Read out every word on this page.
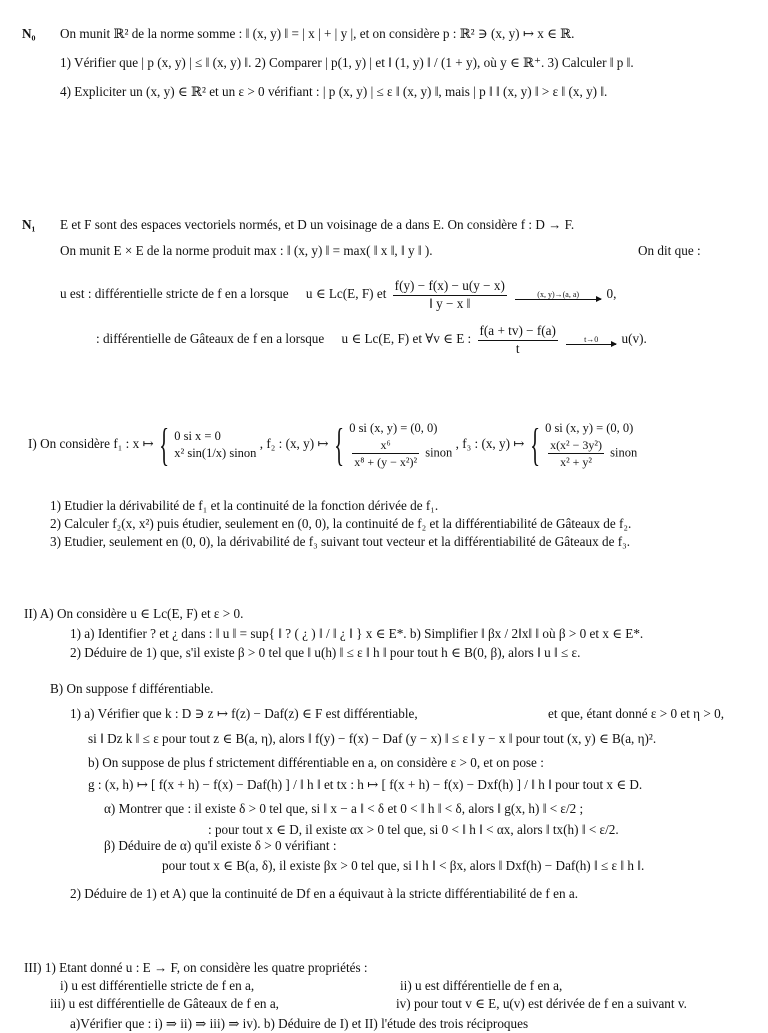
N₀ On munit ℝ² de la norme somme : ‖ (x, y) ‖ = | x | + | y |, et on considère p : ℝ² ∋ (x, y) ↦ x ∈ ℝ.
1) Vérifier que | p (x, y) | ≤ ‖ (x, y) ‖. 2) Comparer | p(1, y) | et ‖ (1, y) ‖ / (1 + y), où y ∈ ℝ⁺. 3) Calculer ‖ p ‖.
4) Expliciter un (x, y) ∈ ℝ² et un ε > 0 vérifiant : | p (x, y) | ≤ ε ‖ (x, y) ‖, mais | p ‖ ‖ (x, y) ‖ > ε ‖ (x, y) ‖.
N₁ E et F sont des espaces vectoriels normés, et D un voisinage de a dans E. On considère f : D → F.
On munit E × E de la norme produit max : ‖ (x, y) ‖ = max( ‖ x ‖, ‖ y ‖ ).	On dit que :
u est : différentielle stricte de f en a lorsque u ∈ Lc(E, F) et $\frac{f(y) - f(x) - u(y - x)}{‖ y - x ‖}$
	(x, y)→(a, a)	0,
: différentielle de Gâteaux de f en a lorsque u ∈ Lc(E, F) et ∀v ∈ E : $\frac{f(a + tv) - f(a)}{t}$
	t→0	u(v).
I) On considère f₁ : x ↦ { 0 si x = 0
x² sin(1/x) sinon
, f₂ : (x, y) ↦ { 0 si (x, y) = (0, 0)
$\frac{\text{x⁶}}{\text{x⁸ + (y − x²)²}}$ sinon
, f₃ : (x, y) ↦ { 0 si (x, y) = (0, 0)
$\frac{\text{x(x² − 3y²)}}{\text{x² + y²}}$ sinon
1) Etudier la dérivabilité de f₁ et la continuité de la fonction dérivée de f₁.
2) Calculer f₂(x, x²) puis étudier, seulement en (0, 0), la continuité de f₂ et la différentiabilité de Gâteaux de f₂.
3) Etudier, seulement en (0, 0), la dérivabilité de f₃ suivant tout vecteur et la différentiabilité de Gâteaux de f₃.
II) A) On considère u ∈ Lc(E, F) et ε > 0.
1) a) Identifier ? et ¿ dans : ‖ u ‖ = sup{ ‖ ? ( ¿ ) ‖ / ‖ ¿ ‖ } x ∈ E*. b) Simplifier ‖ βx / 2‖x‖ ‖ où β > 0 et x ∈ E*.
2) Déduire de 1) que, s'il existe β > 0 tel que ‖ u(h) ‖ ≤ ε ‖ h ‖ pour tout h ∈ B(0, β), alors ‖ u ‖ ≤ ε.
B) On suppose f différentiable.
1) a) Vérifier que k : D ∋ z ↦ f(z) − Daf(z) ∈ F est différentiable,	et que, étant donné ε > 0 et η > 0,
si ‖ Dz k ‖ ≤ ε pour tout z ∈ B(a, η), alors ‖ f(y) − f(x) − Daf (y − x) ‖ ≤ ε ‖ y − x ‖ pour tout (x, y) ∈ B(a, η)².
b) On suppose de plus f strictement différentiable en a, on considère ε > 0, et on pose :
g : (x, h) ↦ [ f(x + h) − f(x) − Daf(h) ] / ‖ h ‖ et tx : h ↦ [ f(x + h) − f(x) − Dxf(h) ] / ‖ h ‖ pour tout x ∈ D.
α) Montrer que : il existe δ > 0 tel que, si ‖ x − a ‖ < δ et 0 < ‖ h ‖ < δ, alors ‖ g(x, h) ‖ < ε/2 ;
: pour tout x ∈ D, il existe αx > 0 tel que, si 0 < ‖ h ‖ < αx, alors ‖ tx(h) ‖ < ε/2.
β) Déduire de α) qu'il existe δ > 0 vérifiant :
pour tout x ∈ B(a, δ), il existe βx > 0 tel que, si ‖ h ‖ < βx, alors ‖ Dxf(h) − Daf(h) ‖ ≤ ε ‖ h ‖.
2) Déduire de 1) et A) que la continuité de Df en a équivaut à la stricte différentiabilité de f en a.
III) 1) Etant donné u : E → F, on considère les quatre propriétés :
i) u est différentielle stricte de f en a,	ii) u est différentielle de f en a,
iii) u est différentielle de Gâteaux de f en a,	iv) pour tout v ∈ E, u(v) est dérivée de f en a suivant v.
a)Vérifier que : i) ⇒ ii) ⇒ iii) ⇒ iv). b) Déduire de I) et II) l'étude des trois réciproques
